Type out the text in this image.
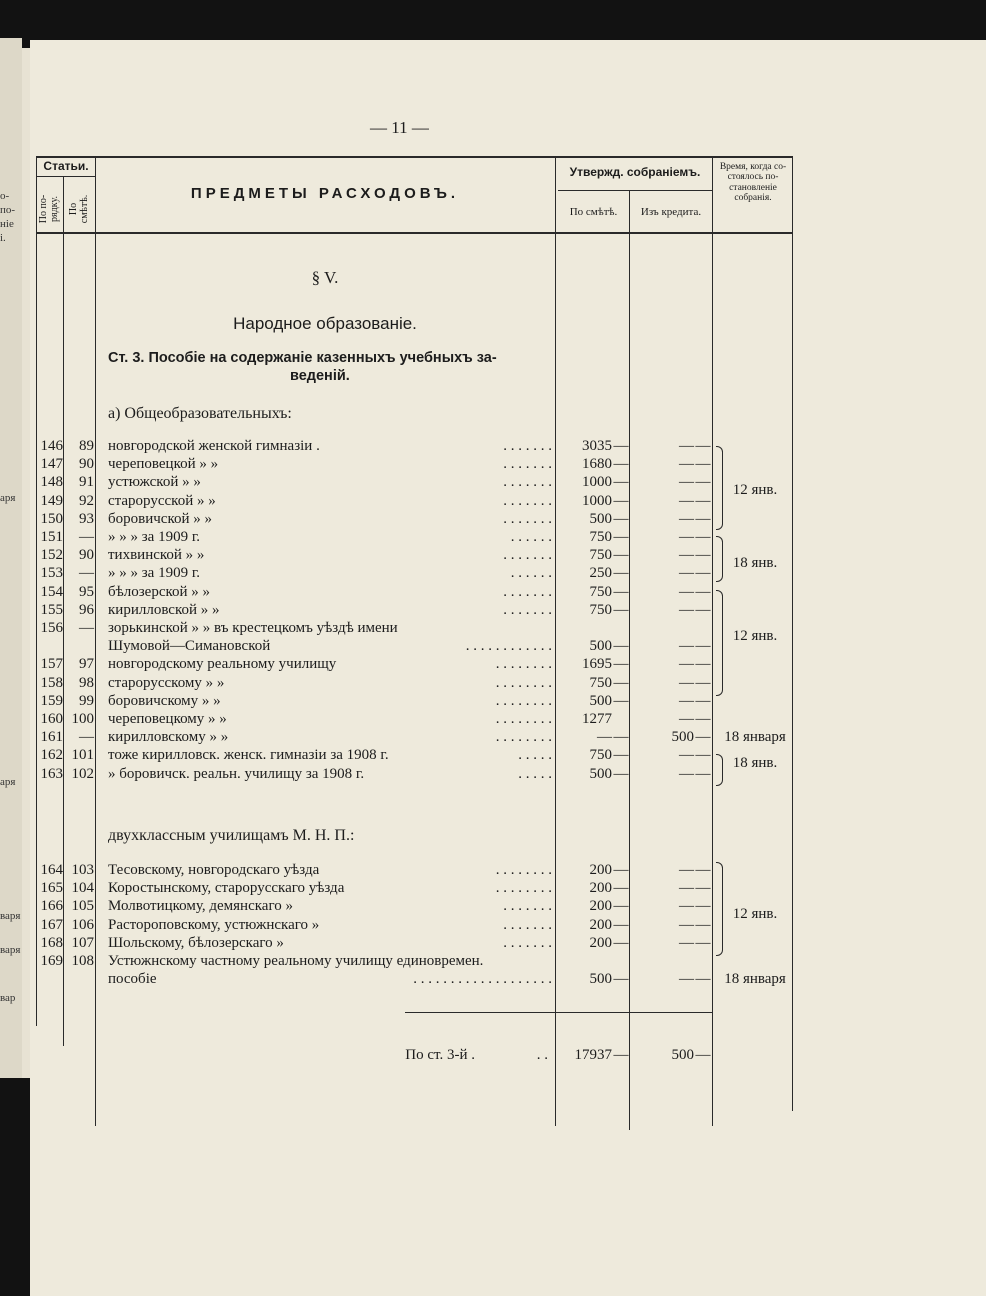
о-
по-
ніе
і.
аря
аря
варя
варя
вар
— 11 —
Статьи.
По по-рядку. По смѣтѣ.
ПРЕДМЕТЫ РАСХОДОВЪ.
Утвержд. собраніемъ.
По смѣтѣ.	Изъ кредита.
Время, когда со-стоялось по-становленіе собранія.
§ V.
Народное образованіе.
Ст. 3. Пособіе на содержаніе казенныхъ учебныхъ за-
веденій.
а) Общеобразовательныхъ:
двухклассным училищамъ М. Н. П.:
146	89 новгородской женской гимназіи .	. . . . . . .	3035 —	— —
147	90 череповецкой » »	. . . . . . .	1680 —	— —
148	91 устюжской » »	. . . . . . .	1000 —	— —	12 янв.
149	92 старорусской » »	. . . . . . .	1000 —	— —
150	93 боровичской » »	. . . . . . .	500 —	— —
151	— » » » за 1909 г.	. . . . . .	750 —	— —
152	90 тихвинской » »	. . . . . . .	750 —	— —	18 янв.
153	— » » » за 1909 г.	. . . . . .	250 —	— —
154	95 бѣлозерской » »	. . . . . . .	750 —	— —
155	96 кирилловской » »	. . . . . . .	750 —	— —
156	— зорькинской » » въ крестецкомъ уѣздѣ имени	12 янв.
Шумовой—Симановской	. . . . . . . . . . . .	500 —	— —
157	97 новгородскому реальному училищу	. . . . . . . .	1695 —	— —
158	98 старорусскому » »	. . . . . . . .	750 —	— —
159	99 боровичскому » »	. . . . . . . .	500 —	— —
160 100 череповецкому » »	. . . . . . . .	1277	— —
161	— кирилловскому » »	. . . . . . . .	— —	500 — 18 января
162 101 тоже кирилловск. женск. гимназіи за 1908 г.	. . . . .	750 —	— —	18 янв.
163 102 » боровичск. реальн. училищу за 1908 г.	. . . . .	500 —	— —
164 103 Тесовскому, новгородскаго уѣзда	. . . . . . . .	200 —	— —
165 104 Коростынскому, старорусскаго уѣзда	. . . . . . . .	200 —	— —
166 105 Молвотицкому, демянскаго »	. . . . . . .	200 —	— —	12 янв.
167 106 Растороповскому, устюжнскаго »	. . . . . . .	200 —	— —
168 107 Шольскому, бѣлозерскаго »	. . . . . . .	200 —	— —
169 108 Устюжнскому частному реальному училищу единовремен.
пособіе	. . . . . . . . . . . . . . . . . . .	500 —	— — 18 января
По ст. 3-й .	. .	17937 —	500 —
